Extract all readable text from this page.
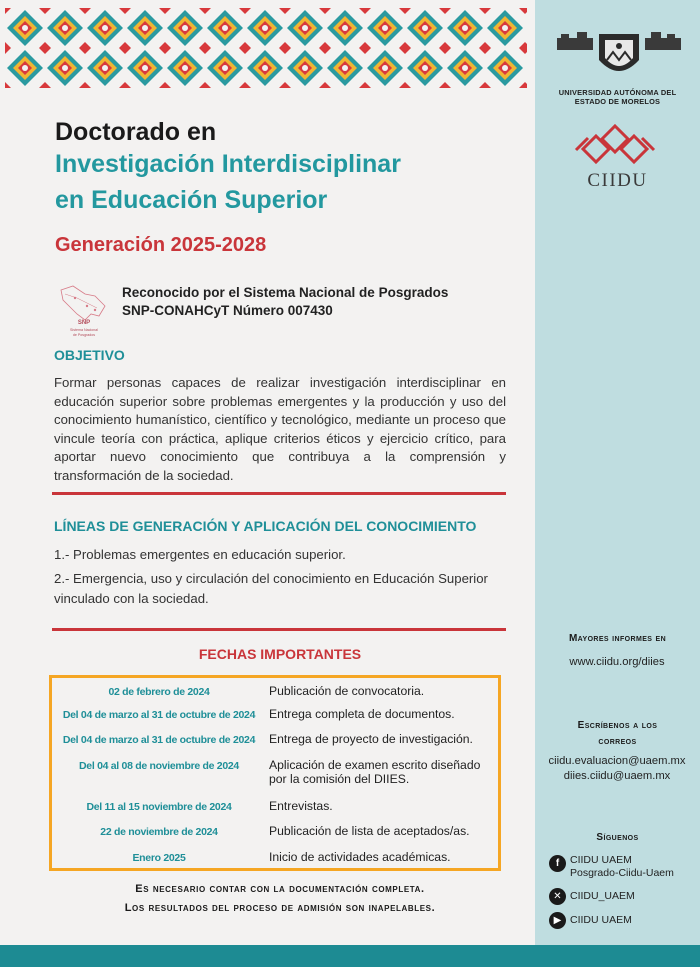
Doctorado en
Investigación Interdisciplinar
en Educación Superior
Generación 2025-2028
SNP
Sistema Nacional
de Posgrados
Reconocido por el Sistema Nacional de Posgrados
SNP-CONAHCyT Número 007430
OBJETIVO
Formar personas capaces de realizar investigación interdisciplinar en educación superior sobre problemas emergentes y la producción y uso del conocimiento humanístico, científico y tecnológico, mediante un proceso que vincule teoría con práctica, aplique criterios éticos y ejercicio crítico, para aportar nuevo conocimiento que contribuya a la comprensión y transformación de la sociedad.
LÍNEAS DE GENERACIÓN Y APLICACIÓN DEL CONOCIMIENTO
1.- Problemas emergentes en educación superior.
2.- Emergencia, uso y circulación del conocimiento en Educación Superior vinculado con la sociedad.
FECHAS IMPORTANTES
02 de febrero de 2024	Publicación de convocatoria.
Del 04 de marzo al 31 de octubre de 2024	Entrega completa de documentos.
Del 04 de marzo al 31 de octubre de 2024	Entrega de proyecto de investigación.
Del 04 al 08 de noviembre de 2024	Aplicación de examen escrito diseñado por la comisión del DIIES.
Del 11 al 15 noviembre de 2024	Entrevistas.
22 de noviembre de 2024	Publicación de lista de aceptados/as.
Enero 2025	Inicio de actividades académicas.
Es necesario contar con la documentación completa.
Los resultados del proceso de admisión son inapelables.
UNIVERSIDAD AUTÓNOMA DEL
ESTADO DE MORELOS
CIIDU
Mayores informes en
www.ciidu.org/diies
Escríbenos a los
correos
ciidu.evaluacion@uaem.mx
diies.ciidu@uaem.mx
Síguenos
f	CIIDU UAEM
Posgrado-Ciidu-Uaem
✕ CIIDU_UAEM
▶ CIIDU UAEM
